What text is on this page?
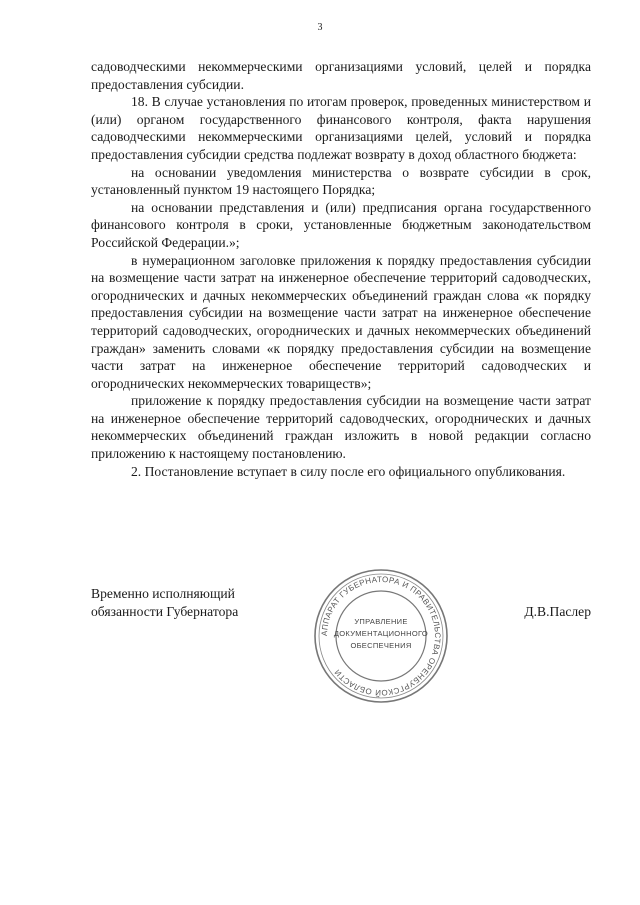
3

садоводческими некоммерческими организациями условий, целей и порядка предоставления субсидии.

18. В случае установления по итогам проверок, проведенных министерством и (или) органом государственного финансового контроля, факта нарушения садоводческими некоммерческими организациями целей, условий и порядка предоставления субсидии средства подлежат возврату в доход областного бюджета:

на основании уведомления министерства о возврате субсидии в срок, установленный пунктом 19 настоящего Порядка;

на основании представления и (или) предписания органа государственного финансового контроля в сроки, установленные бюджетным законодательством Российской Федерации.»;

в нумерационном заголовке приложения к порядку предоставления субсидии на возмещение части затрат на инженерное обеспечение территорий садоводческих, огороднических и дачных некоммерческих объединений граждан слова «к порядку предоставления субсидии на возмещение части затрат на инженерное обеспечение территорий садоводческих, огороднических и дачных некоммерческих объединений граждан» заменить словами «к порядку предоставления субсидии на возмещение части затрат на инженерное обеспечение территорий садоводческих и огороднических некоммерческих товариществ»;

приложение к порядку предоставления субсидии на возмещение части затрат на инженерное обеспечение территорий садоводческих, огороднических и дачных некоммерческих объединений граждан изложить в новой редакции согласно приложению к настоящему постановлению.

2. Постановление вступает в силу после его официального опубликования.

Временно исполняющий
обязанности Губернатора
АППАРАТ ГУБЕРНАТОРА И ПРАВИТЕЛЬСТВА ОРЕНБУРГСКОЙ ОБЛАСТИ
УПРАВЛЕНИЕ
ДОКУМЕНТАЦИОННОГО
ОБЕСПЕЧЕНИЯ
Д.В.Паслер
